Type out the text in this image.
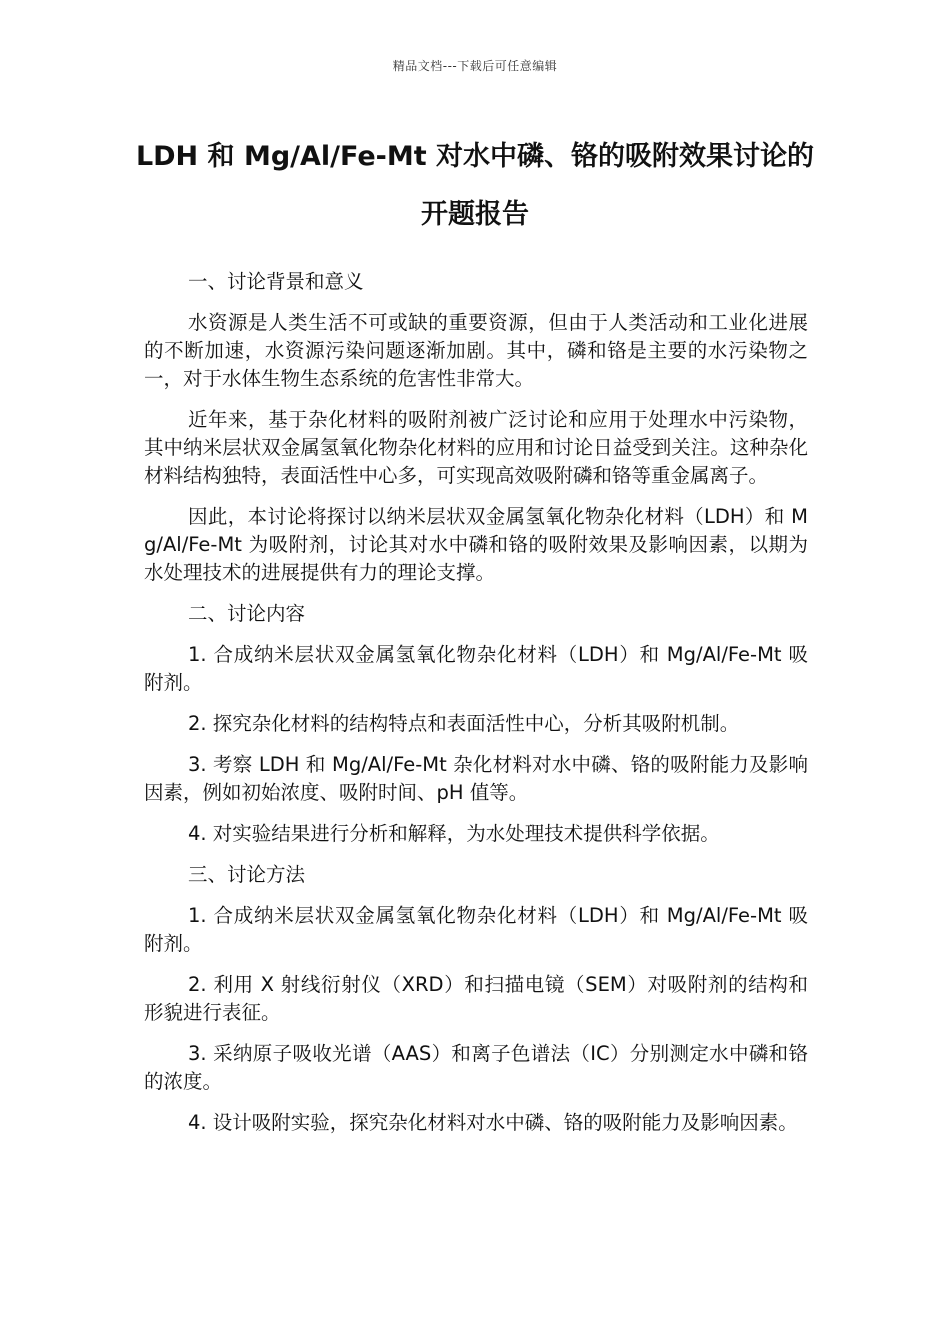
精品文档---下载后可任意编辑
LDH 和 Mg/Al/Fe-Mt 对水中磷、铬的吸附效果讨论的开题报告

一、讨论背景和意义

水资源是人类生活不可或缺的重要资源，但由于人类活动和工业化进展的不断加速，水资源污染问题逐渐加剧。其中，磷和铬是主要的水污染物之一，对于水体生物生态系统的危害性非常大。

近年来，基于杂化材料的吸附剂被广泛讨论和应用于处理水中污染物，其中纳米层状双金属氢氧化物杂化材料的应用和讨论日益受到关注。这种杂化材料结构独特，表面活性中心多，可实现高效吸附磷和铬等重金属离子。

因此，本讨论将探讨以纳米层状双金属氢氧化物杂化材料（LDH）和 Mg/Al/Fe-Mt 为吸附剂，讨论其对水中磷和铬的吸附效果及影响因素，以期为水处理技术的进展提供有力的理论支撑。

二、讨论内容

1. 合成纳米层状双金属氢氧化物杂化材料（LDH）和 Mg/Al/Fe-Mt 吸附剂。

2. 探究杂化材料的结构特点和表面活性中心，分析其吸附机制。

3. 考察 LDH 和 Mg/Al/Fe-Mt 杂化材料对水中磷、铬的吸附能力及影响因素，例如初始浓度、吸附时间、pH 值等。

4. 对实验结果进行分析和解释，为水处理技术提供科学依据。

三、讨论方法

1. 合成纳米层状双金属氢氧化物杂化材料（LDH）和 Mg/Al/Fe-Mt 吸附剂。

2. 利用 X 射线衍射仪（XRD）和扫描电镜（SEM）对吸附剂的结构和形貌进行表征。

3. 采纳原子吸收光谱（AAS）和离子色谱法（IC）分别测定水中磷和铬的浓度。

4. 设计吸附实验，探究杂化材料对水中磷、铬的吸附能力及影响因素。
